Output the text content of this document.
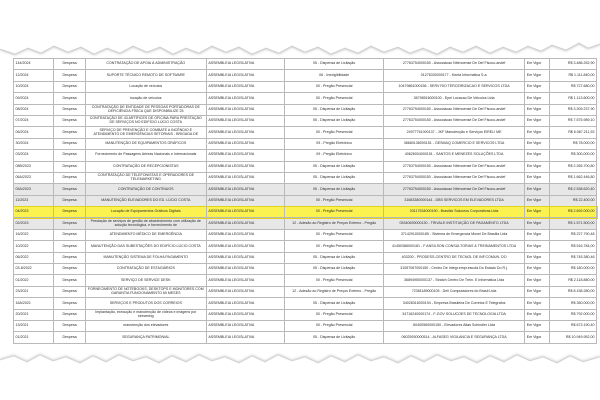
144/2024	Despesa	CONTRATAÇÃO DE APOIA À ADMINISTRAÇÃO	ASSEMBLEIA LEGISLATIVA	05 - Dispensa de Licitação	27763754000150 - Associacao Nitenoense De Def Fisoco-andef	Em Vigor	R$ 3.486.252,90
12/2024	Despesa	SUPORTE TÉCNICO REMOTO DE SOFTWARE	ASSEMBLEIA LEGISLATIVA	06 - Inexigibilidade	01276330000177 - Kenta Informática S.a.	Em Vigor	R$ 1.111.840,00
10/2024	Despesa	Locação de veículos	ASSEMBLEIA LEGISLATIVA	00 - Pregão Presencial	10479861000156 - SERV RIO TERCEIRIZACAO E SERVICOS LTDA	Em Vigor	R$ 727.680,00
09/2024	Despesa	locação de veículos	ASSEMBLEIA LEGISLATIVA	00 - Pregão Presencial	36798516000100 - Epel Locacao De Veiculos Ltda	Em Vigor	R$ 1.113.600,00
08/2024	Despesa	CONTRATAÇÃO DE ENTIDADE DE PESSOAS PORTADORAS DE DEFICIÊNCIA FÍSICA QUE DISPONIBILIZE 25	ASSEMBLEIA LEGISLATIVA	05 - Dispensa de Licitação	27763754000150 - Associacao Nitenoense De Def Fisoco-andef	Em Vigor	R$ 3.309.237,90
07/2024	Despesa	CONTRATAÇÃO DE 43 ARTÍFICES DE OFICINA PARA PRESTAÇÃO DE SERVIÇOS NO EDIFÍCIO LÚCIO COSTA	ASSEMBLEIA LEGISLATIVA	05 - Dispensa de Licitação	27763754000150 - Associacao Nitenoense De Def Fisoco-andef	Em Vigor	R$ 7.575.989,10
06/2024	Despesa	SERVIÇO DE PREVENÇÃO E COMBATE A INCÊNDIO E ATENDIMENTO DE EMERGÊNCIAS SETORIAIS - BRIGADA DE	ASSEMBLEIA LEGISLATIVA	00 - Pregão Presencial	24977761000137 - JKF Manutenção e Serviços EIRELI ME	Em Vigor	R$ 6.067.211,53
30/2024	Despesa	MANUTENÇÃO DE EQUIPAMENTOS GRÁFICOS	ASSEMBLEIA LEGISLATIVA	09 - Pregão Eletrônico	38680138000151 - GESMAQ COMERCIO E SERVICOS LTDA	Em Vigor	R$ 78.000,00
03/2024	Despesa	Fornecimento de Passagens Aéreas Nacionais e Internacionais	ASSEMBLEIA LEGISLATIVA	09 - Pregão Eletrônico	40626004000151 - SANTOS E MENEZES SOLUÇÕES LTDA	Em Vigor	R$ 300.000,00
08B/2023	Despesa	CONTRATAÇÃO DE RECEPCIONISTAS	ASSEMBLEIA LEGISLATIVA	05 - Dispensa de Licitação	27763754000150 - Associacao Nitenoense De Def Fisoco-andef	Em Vigor	R$ 2.265.700,80
06A/2023	Despesa	CONTRATAÇÃO DE TELEFONISTAS E OPERADORES DE TELEMARKETING	ASSEMBLEIA LEGISLATIVA	05 - Dispensa de Licitação	27763754000150 - Associacao Nitenoense De Def Fisoco-andef	Em Vigor	R$ 1.662.446,80
05A/2023	Despesa	CONTRATAÇÃO DE CONTÍNUOS	ASSEMBLEIA LEGISLATIVA	05 - Dispensa de Licitação	27763754000150 - Associacao Nitenoense De Def Fisoco-andef	Em Vigor	R$ 2.538.620,40
11/2023	Despesa	MANUTENÇÃO ELEVADORES DO ED. LÚCIO COSTA	ASSEMBLEIA LEGISLATIVA	00 - Pregão Presencial	31683380000144 - DBS SERVICOS EM ELEVADORES LTDA	Em Vigor	R$ 22.400,00
04/2023	Despesa	Locação de Equipamentos Gráficos Digitais	ASSEMBLEIA LEGISLATIVA	00 - Pregão Presencial	03117534000190 - Brasilsk Soluceos Corporativas Ltda	Em Vigor	R$ 2.692.000,00
02/2023	Despesa	Prestação de serviços de gestão de abastecimento com utilização de solução tecnológica, e fornecimento de	ASSEMBLEIA LEGISLATIVA	12 - Adesão ao Registro de Preços Externo - Pregão	05340639000130 - TRIVALE INSTITUIÇÃO DE PAGAMENTO LTDA	Em Vigor	R$ 1.571.500,00
16/2022	Despesa	ATENDIMENTO MÉDICO DE EMERGÊNCIA	ASSEMBLEIA LEGISLATIVA	00 - Pregão Presencial	37142910000185 - Sistema de Emergencia Movel De Brasilia Ltda	Em Vigor	R$ 227.790,48
10/2022	Despesa	MANUTENÇÃO DAS SUBESTAÇÕES DO EDIFÍCIO LÚCIO COSTA	ASSEMBLEIA LEGISLATIVA	00 - Pregão Presencial	41450386000181 - F ANSILSON CONSULTORIAS & TREINAMENTOS LTDA	Em Vigor	R$ 516.784,00
06/2022	Despesa	MANUTENÇÃO SISTEMA DE FOLHA PAGAMENTO	ASSEMBLEIA LEGISLATIVA	05 - Dispensa de Licitação	403200 - PRODESS-CENTRO DE TECNOL DE INF.COMUN. DO	Em Vigor	R$ 745.380,46
03-8/2022	Despesa	CONTRATAÇÃO DE ESTAGIÁRIOS	ASSEMBLEIA LEGISLATIVA	05 - Dispensa de Licitação	31057067000150 - Centro De Integr.empr.escola Do Estado Do R.j.	Em Vigor	R$ 180.000,00
01/2022	Despesa	SERVIÇO DE SERVICE DESK	ASSEMBLEIA LEGISLATIVA	00 - Pregão Presencial	36894950000137 - Stratch Centro De Trein. E Informatica Ltda	Em Vigor	R$ 2.118.880,00
23/2021	Despesa	FORNECIMENTO DE NOTEBOOKS, DESKTOPS E MONITORES COM GARANTIA FUNCIONAMENTO 60 MESES	ASSEMBLEIA LEGISLATIVA	12 - Adesão ao Registro de Preços Externo - Pregão	72381189000105 - Dell Computadores do Brasil Ltda	Em Vigor	R$ 8.158.280,00
16A/2021	Despesa	SERVIÇOS E PRODUTOS DOS CORREIOS	ASSEMBLEIA LEGISLATIVA	05 - Dispensa de Licitação	34028316000194 - Empresa Brasileira De Correios E Telegrafos	Em Vigor	R$ 350.000,00
20/2021	Despesa	Implantação, execução e manutenção de vídeos e imagens por streaming	ASSEMBLEIA LEGISLATIVA	00 - Pregão Presencial	34716240000174 - F-GOV SOLUCOES DE TECNOLOGIA LTDA	Em Vigor	R$ 792.000,00
13/2021	Despesa	manutenção dos elevadores	ASSEMBLEIA LEGISLATIVA	00 - Pregão Presencial	60400560000150 - Elevadores Atlas Schindler Ltda	Em Vigor	R$ 673.190,40
01/2021	Despesa	SEGURANÇA PATRIMONIAL	ASSEMBLEIA LEGISLATIVA	05 - Dispensa de Licitação	06025930000514 - ALFASEG VIGILANCIA E SEGURANÇA LTDA	Em Vigor	R$ 10.949.952,00
